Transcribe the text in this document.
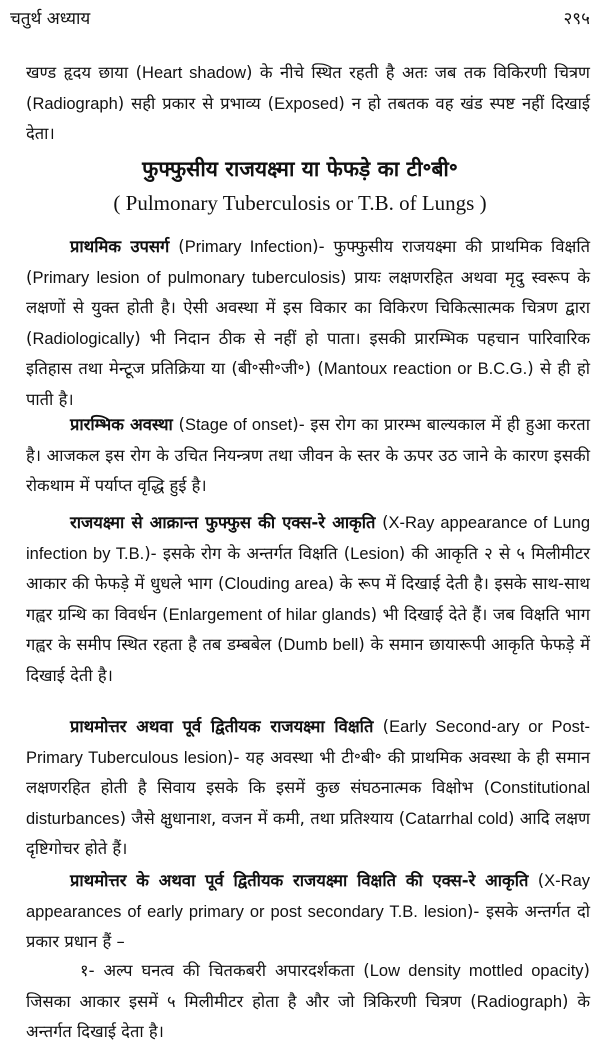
चतुर्थ अध्याय	२९५
खण्ड हृदय छाया (Heart shadow) के नीचे स्थित रहती है अतः जब तक विकिरणी चित्रण (Radiograph) सही प्रकार से प्रभाव्य (Exposed) न हो तबतक वह खंड स्पष्ट नहीं दिखाई देता।
फुफ्फुसीय राजयक्ष्मा या फेफड़े का टी॰बी॰
( Pulmonary Tuberculosis or T.B. of Lungs )
प्राथमिक उपसर्ग (Primary Infection)- फुफ्फुसीय राजयक्ष्मा की प्राथमिक विक्षति (Primary lesion of pulmonary tuberculosis) प्रायः लक्षणरहित अथवा मृदु स्वरूप के लक्षणों से युक्त होती है। ऐसी अवस्था में इस विकार का विकिरण चिकित्सात्मक चित्रण द्वारा (Radiologically) भी निदान ठीक से नहीं हो पाता। इसकी प्रारम्भिक पहचान पारिवारिक इतिहास तथा मेन्टूज प्रतिक्रिया या (बी॰सी॰जी॰) (Mantoux reaction or B.C.G.) से ही हो पाती है।
प्रारम्भिक अवस्था (Stage of onset)- इस रोग का प्रारम्भ बाल्यकाल में ही हुआ करता है। आजकल इस रोग के उचित नियन्त्रण तथा जीवन के स्तर के ऊपर उठ जाने के कारण इसकी रोकथाम में पर्याप्त वृद्धि हुई है।
राजयक्ष्मा से आक्रान्त फुफ्फुस की एक्स-रे आकृति (X-Ray appearance of Lung infection by T.B.)- इसके रोग के अन्तर्गत विक्षति (Lesion) की आकृति २ से ५ मिलीमीटर आकार की फेफड़े में धुधले भाग (Clouding area) के रूप में दिखाई देती है। इसके साथ-साथ गह्वर ग्रन्थि का विवर्धन (Enlargement of hilar glands) भी दिखाई देते हैं। जब विक्षति भाग गह्वर के समीप स्थित रहता है तब डम्बबेल (Dumb bell) के समान छायारूपी आकृति फेफड़े में दिखाई देती है।
प्राथमोत्तर अथवा पूर्व द्वितीयक राजयक्ष्मा विक्षति (Early Second-ary or Post-Primary Tuberculous lesion)- यह अवस्था भी टी॰बी॰ की प्राथमिक अवस्था के ही समान लक्षणरहित होती है सिवाय इसके कि इसमें कुछ संघठनात्मक विक्षोभ (Constitutional disturbances) जैसे क्षुधानाश, वजन में कमी, तथा प्रतिश्याय (Catarrhal cold) आदि लक्षण दृष्टिगोचर होते हैं।
प्राथमोत्तर के अथवा पूर्व द्वितीयक राजयक्ष्मा विक्षति की एक्स-रे आकृति (X-Ray appearances of early primary or post secondary T.B. lesion)- इसके अन्तर्गत दो प्रकार प्रधान हैं –
१- अल्प घनत्व की चितकबरी अपारदर्शकता (Low density mottled opacity) जिसका आकार इसमें ५ मिलीमीटर होता है और जो त्रिकिरणी चित्रण (Radiograph) के अन्तर्गत दिखाई देता है।
